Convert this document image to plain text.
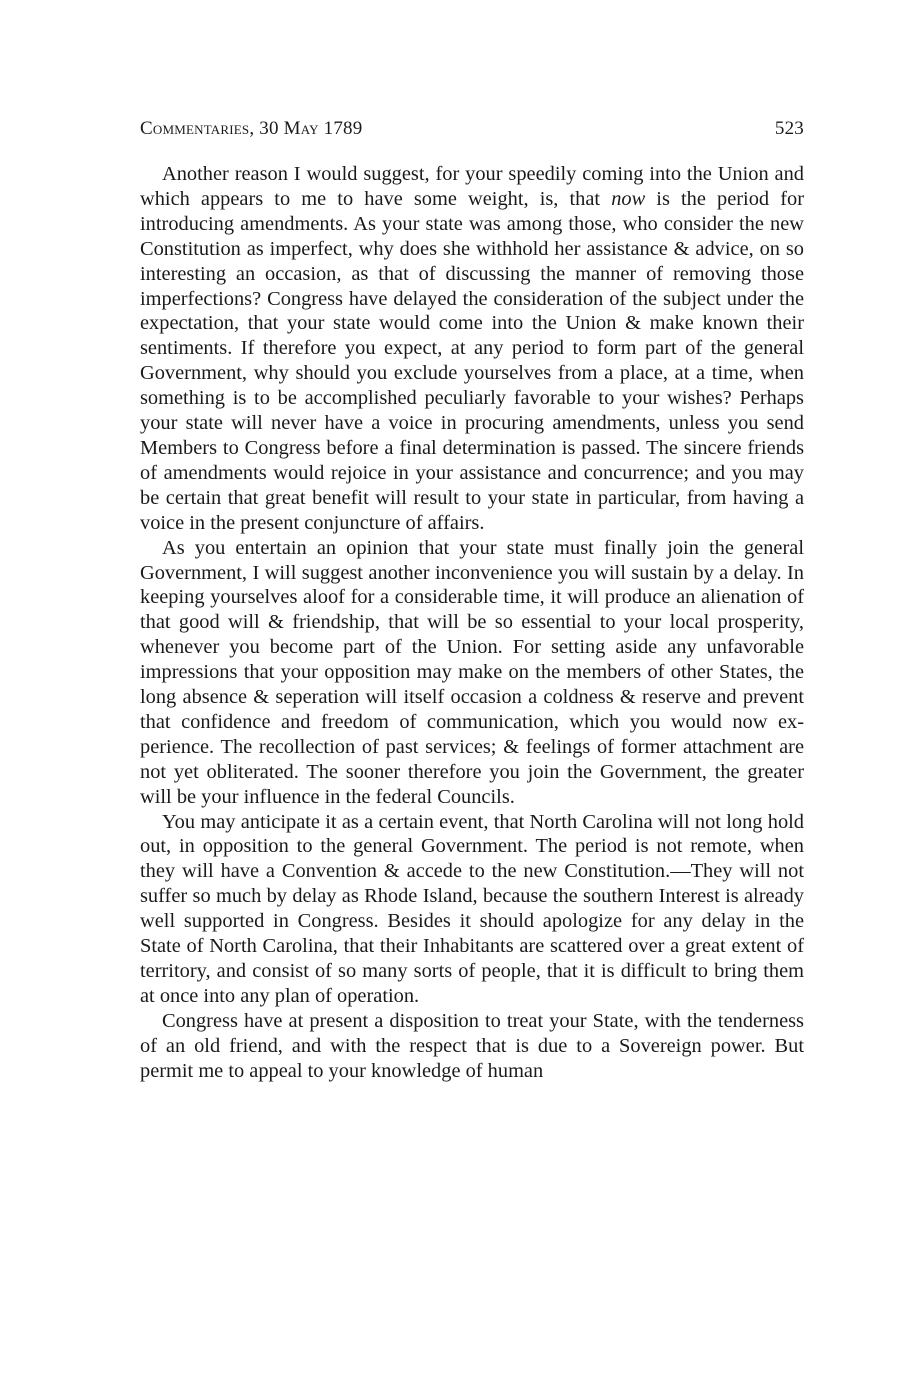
Commentaries, 30 May 1789	523

Another reason I would suggest, for your speedily coming into the Union and which appears to me to have some weight, is, that now is the period for introducing amendments. As your state was among those, who consider the new Constitution as imperfect, why does she withhold her assistance & advice, on so interesting an occasion, as that of discussing the manner of removing those imperfections? Congress have delayed the consideration of the subject under the expectation, that your state would come into the Union & make known their sentiments. If therefore you expect, at any period to form part of the general Government, why should you exclude yourselves from a place, at a time, when something is to be accomplished peculiarly favorable to your wishes? Perhaps your state will never have a voice in procuring amendments, unless you send Members to Congress before a final determination is passed. The sincere friends of amendments would rejoice in your assistance and concurrence; and you may be certain that great benefit will result to your state in particular, from having a voice in the present conjuncture of affairs.

As you entertain an opinion that your state must finally join the general Government, I will suggest another inconvenience you will sustain by a delay. In keeping yourselves aloof for a considerable time, it will produce an alienation of that good will & friendship, that will be so essential to your local prosperity, whenever you become part of the Union. For setting aside any unfavorable impressions that your opposition may make on the members of other States, the long absence & seperation will itself occasion a coldness & reserve and prevent that confidence and freedom of communication, which you would now experience. The recollection of past services; & feelings of former attachment are not yet obliterated. The sooner therefore you join the Government, the greater will be your influence in the federal Councils.

You may anticipate it as a certain event, that North Carolina will not long hold out, in opposition to the general Government. The period is not remote, when they will have a Convention & accede to the new Constitution.—They will not suffer so much by delay as Rhode Island, because the southern Interest is already well supported in Congress. Besides it should apologize for any delay in the State of North Carolina, that their Inhabitants are scattered over a great extent of territory, and consist of so many sorts of people, that it is difficult to bring them at once into any plan of operation.

Congress have at present a disposition to treat your State, with the tenderness of an old friend, and with the respect that is due to a Sovereign power. But permit me to appeal to your knowledge of human
